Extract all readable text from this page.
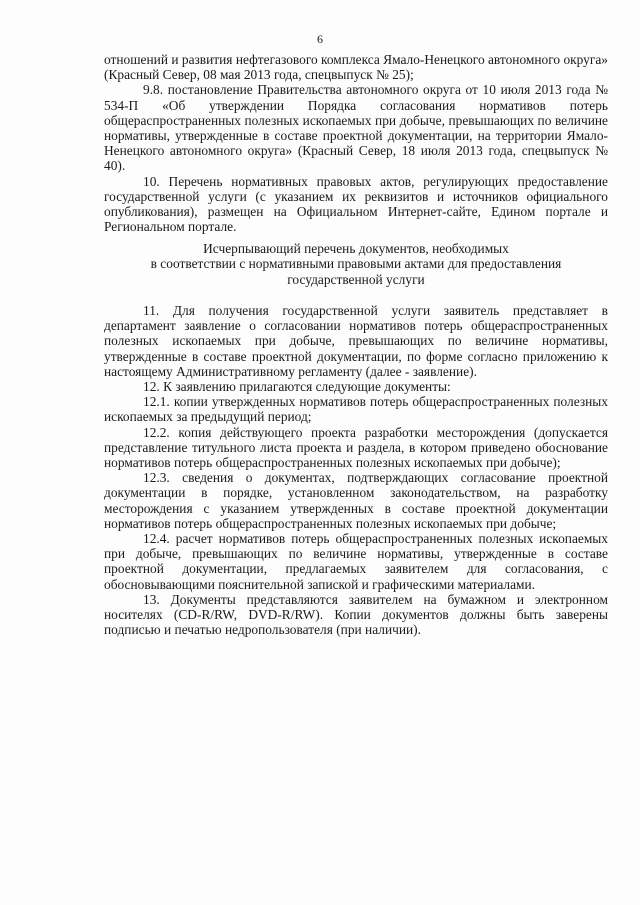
6

отношений и развития нефтегазового комплекса Ямало-Ненецкого автономного округа» (Красный Север, 08 мая 2013 года, спецвыпуск № 25);

9.8. постановление Правительства автономного округа от 10 июля 2013 года № 534-П «Об утверждении Порядка согласования нормативов потерь общераспространенных полезных ископаемых при добыче, превышающих по величине нормативы, утвержденные в составе проектной документации, на территории Ямало-Ненецкого автономного округа» (Красный Север, 18 июля 2013 года, спецвыпуск № 40).

10. Перечень нормативных правовых актов, регулирующих предоставление государственной услуги (с указанием их реквизитов и источников официального опубликования), размещен на Официальном Интернет-сайте, Едином портале и Региональном портале.

Исчерпывающий перечень документов, необходимых
в соответствии с нормативными правовыми актами для предоставления
государственной услуги

11. Для получения государственной услуги заявитель представляет в департамент заявление о согласовании нормативов потерь общераспространенных полезных ископаемых при добыче, превышающих по величине нормативы, утвержденные в составе проектной документации, по форме согласно приложению к настоящему Административному регламенту (далее - заявление).

12. К заявлению прилагаются следующие документы:

12.1. копии утвержденных нормативов потерь общераспространенных полезных ископаемых за предыдущий период;

12.2. копия действующего проекта разработки месторождения (допускается представление титульного листа проекта и раздела, в котором приведено обоснование нормативов потерь общераспространенных полезных ископаемых при добыче);

12.3. сведения о документах, подтверждающих согласование проектной документации в порядке, установленном законодательством, на разработку месторождения с указанием утвержденных в составе проектной документации нормативов потерь общераспространенных полезных ископаемых при добыче;

12.4. расчет нормативов потерь общераспространенных полезных ископаемых при добыче, превышающих по величине нормативы, утвержденные в составе проектной документации, предлагаемых заявителем для согласования, с обосновывающими пояснительной запиской и графическими материалами.

13. Документы представляются заявителем на бумажном и электронном носителях (CD-R/RW, DVD-R/RW). Копии документов должны быть заверены подписью и печатью недропользователя (при наличии).
